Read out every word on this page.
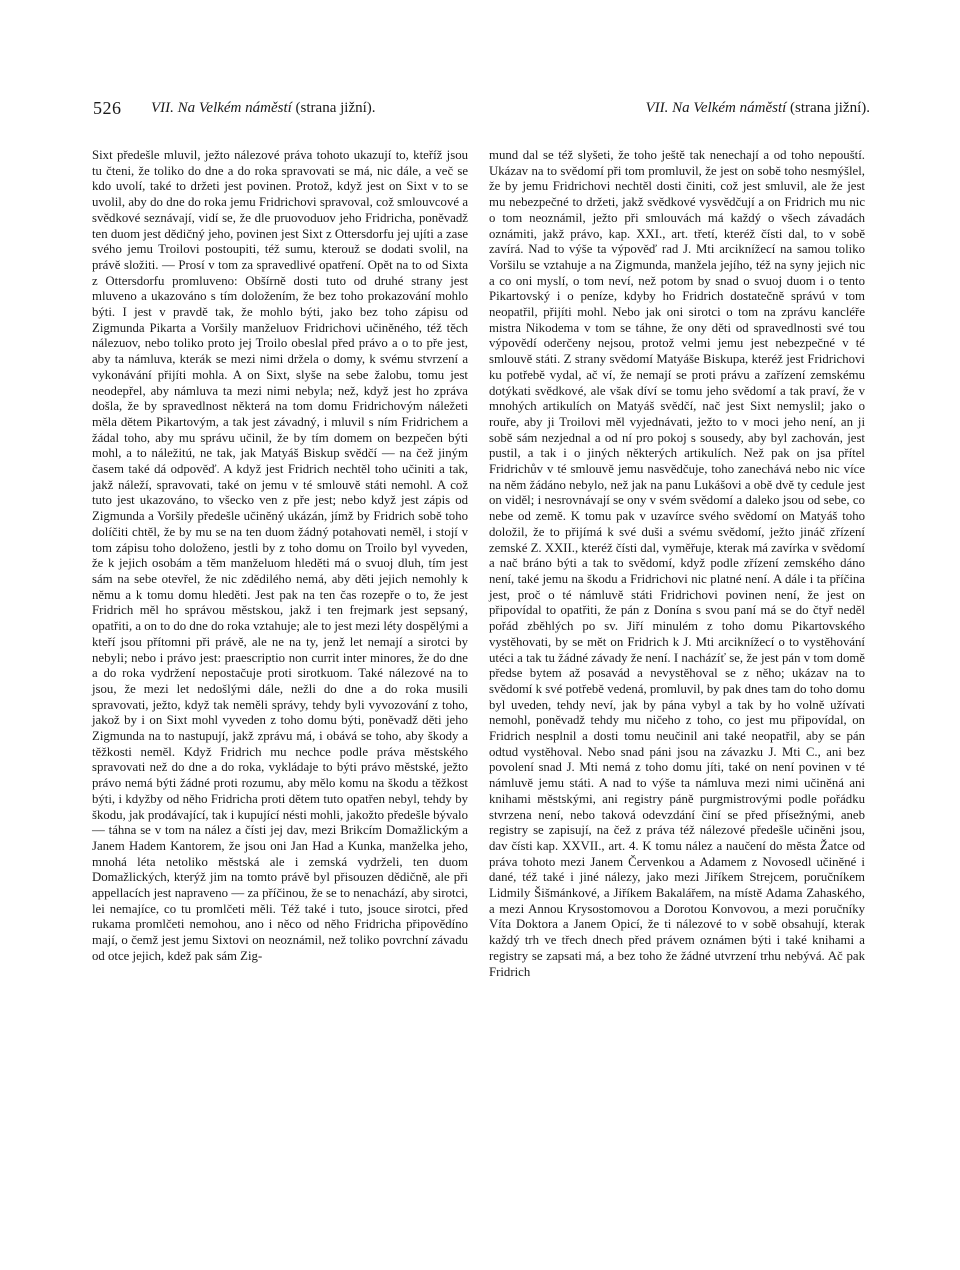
526 VII. Na Velkém náměstí (strana jižní).	VII. Na Velkém náměstí (strana jižní).

Sixt předešle mluvil, ježto nálezové práva tohoto ukazují to, kteříž jsou tu čteni, že toliko do dne a do roka spravovati se má, nic dále, a več se kdo uvolí, také to držeti jest povinen. Protož, když jest on Sixt v to se uvolil, aby do dne do roka jemu Fridrichovi spravoval, což smlouvcové a svědkové seznávají, vidí se, že dle pruovoduov jeho Fridricha, poněvadž ten duom jest dědičný jeho, povinen jest Sixt z Ottersdorfu jej ujíti a zase svého jemu Troilovi postoupiti, též sumu, kterouž se dodati svolil, na právě složiti. — Prosí v tom za spravedlivé opatření. Opět na to od Sixta z Ottersdorfu promluveno: Obšírně dosti tuto od druhé strany jest mluveno a ukazováno s tím doložením, že bez toho prokazování mohlo býti. I jest v pravdě tak, že mohlo býti, jako bez toho zápisu od Zigmunda Pikarta a Voršily manželuov Fridrichovi učiněného, též těch nálezuov, nebo toliko proto jej Troilo obeslal před právo a o to pře jest, aby ta námluva, kterák se mezi nimi držela o domy, k svému stvrzení a vykonávání přijíti mohla. A on Sixt, slyše na sebe žalobu, tomu jest neodepřel, aby námluva ta mezi nimi nebyla; než, když jest ho zpráva došla, že by spravedlnost některá na tom domu Fridrichovým náležeti měla dětem Pikartovým, a tak jest závadný, i mluvil s ním Fridrichem a žádal toho, aby mu správu učinil, že by tím domem on bezpečen býti mohl, a to náležitú, ne tak, jak Matyáš Biskup svědčí — na čež jiným časem také dá odpověď. A když jest Fridrich nechtěl toho učiniti a tak, jakž náleží, spravovati, také on jemu v té smlouvě státi nemohl. A což tuto jest ukazováno, to všecko ven z pře jest; nebo když jest zápis od Zigmunda a Voršily předešle učiněný ukázán, jímž by Fridrich sobě toho dolíčiti chtěl, že by mu se na ten duom žádný potahovati neměl, i stojí v tom zápisu toho doloženo, jestli by z toho domu on Troilo byl vyveden, že k jejich osobám a těm manželuom hleděti má o svuoj dluh, tím jest sám na sebe otevřel, že nic zdědilého nemá, aby děti jejich nemohly k němu a k tomu domu hleděti. Jest pak na ten čas rozepře o to, že jest Fridrich měl ho správou městskou, jakž i ten frejmark jest sepsaný, opatřiti, a on to do dne do roka vztahuje; ale to jest mezi léty dospělými a kteří jsou přítomni při právě, ale ne na ty, jenž let nemají a sirotci by nebyli; nebo i právo jest: praescriptio non currit inter minores, že do dne a do roka vydržení nepostačuje proti sirotkuom. Také nálezové na to jsou, že mezi let nedošlými dále, nežli do dne a do roka musili spravovati, ježto, když tak neměli správy, tehdy byli vyvozování z toho, jakož by i on Sixt mohl vyveden z toho domu býti, poněvadž děti jeho Zigmunda na to nastupují, jakž zprávu má, i obává se toho, aby škody a těžkosti neměl. Když Fridrich mu nechce podle práva městského spravovati než do dne a do roka, vykládaje to býti právo městské, ježto právo nemá býti žádné proti rozumu, aby mělo komu na škodu a těžkost býti, i kdyžby od něho Fridricha proti dětem tuto opatřen nebyl, tehdy by škodu, jak prodávající, tak i kupující nésti mohli, jakožto předešle bývalo — táhna se v tom na nález a čísti jej dav, mezi Brikcím Domažlickým a Janem Hadem Kantorem, že jsou oni Jan Had a Kunka, manželka jeho, mnohá léta netoliko městská ale i zemská vydrželi, ten duom Domažlických, kterýž jim na tomto právě byl přisouzen dědičně, ale při appellacích jest napraveno — za příčinou, že se to nenachází, aby sirotci, lei nemajíce, co tu promlčeti měli. Též také i tuto, jsouce sirotci, před rukama promlčeti nemohou, ano i něco od něho Fridricha připovědíno mají, o čemž jest jemu Sixtovi on neoznámil, než toliko povrchní závadu od otce jejich, kdež pak sám Zig-

mund dal se též slyšeti, že toho ještě tak nenechají a od toho nepouští. Ukázav na to svědomí při tom promluvil, že jest on sobě toho nesmýšlel, že by jemu Fridrichovi nechtěl dosti činiti, což jest smluvil, ale že jest mu nebezpečné to držeti, jakž svědkové vysvědčují a on Fridrich mu nic o tom neoznámil, ježto při smlouvách má každý o všech závadách oznámiti, jakž právo, kap. XXI., art. třetí, kteréž čísti dal, to v sobě zavírá. Nad to výše ta výpověď rad J. Mti arciknížecí na samou toliko Voršilu se vztahuje a na Zigmunda, manžela jejího, též na syny jejich nic a co oni myslí, o tom neví, než potom by snad o svuoj duom i o tento Pikartovský i o peníze, kdyby ho Fridrich dostatečně správú v tom neopatřil, přijíti mohl. Nebo jak oni sirotci o tom na zprávu kancléře mistra Nikodema v tom se táhne, že ony děti od spravedlnosti své tou výpovědí oderčeny nejsou, protož velmi jemu jest nebezpečné v té smlouvě státi. Z strany svědomí Matyáše Biskupa, kteréž jest Fridrichovi ku potřebě vydal, ač ví, že nemají se proti právu a zařízení zemskému dotýkati svědkové, ale však díví se tomu jeho svědomí a tak praví, že v mnohých artikulích on Matyáš svědčí, nač jest Sixt nemyslil; jako o rouře, aby ji Troilovi měl vyjednávati, ježto to v moci jeho není, an ji sobě sám nezjednal a od ní pro pokoj s sousedy, aby byl zachován, jest pustil, a tak i o jiných některých artikulích. Než pak on jsa přítel Fridrichův v té smlouvě jemu nasvědčuje, toho zanechává nebo nic více na něm žádáno nebylo, než jak na panu Lukášovi a obě dvě ty cedule jest on viděl; i nesrovnávají se ony v svém svědomí a daleko jsou od sebe, co nebe od země. K tomu pak v uzavírce svého svědomí on Matyáš toho doložil, že to přijímá k své duši a svému svědomí, ježto jináč zřízení zemské Z. XXII., kteréž čísti dal, vyměřuje, kterak má zavírka v svědomí a nač bráno býti a tak to svědomí, když podle zřízení zemského dáno není, také jemu na škodu a Fridrichovi nic platné není. A dále i ta příčina jest, proč o té námluvě státi Fridrichovi povinen není, že jest on připovídal to opatřiti, že pán z Donína s svou paní má se do čtyř neděl pořád zběhlých po sv. Jiří minulém z toho domu Pikartovského vystěhovati, by se mět on Fridrich k J. Mti arciknížecí o to vystěhování utéci a tak tu žádné závady že není. I nacházíť se, že jest pán v tom domě předse bytem až posavád a nevystěhoval se z něho; ukázav na to svědomí k své potřebě vedená, promluvil, by pak dnes tam do toho domu byl uveden, tehdy neví, jak by pána vybyl a tak by ho volně užívati nemohl, poněvadž tehdy mu ničeho z toho, co jest mu připovídal, on Fridrich nesplnil a dosti tomu neučinil ani také neopatřil, aby se pán odtud vystěhoval. Nebo snad páni jsou na závazku J. Mti C., ani bez povolení snad J. Mti nemá z toho domu jíti, také on není povinen v té námluvě jemu státi. A nad to výše ta námluva mezi nimi učiněná ani knihami městskými, ani registry páně purgmistrovými podle pořádku stvrzena není, nebo taková odevzdání činí se před přísežnými, aneb registry se zapisují, na čež z práva též nálezové předešle učiněni jsou, dav čísti kap. XXVII., art. 4. K tomu nález a naučení do města Žatce od práva tohoto mezi Janem Červenkou a Adamem z Novosedl učiněné i dané, též také i jiné nálezy, jako mezi Jiříkem Strejcem, poručníkem Lidmily Šišmánkové, a Jiříkem Bakalářem, na místě Adama Zahaského, a mezi Annou Krysostomovou a Dorotou Konvovou, a mezi poručníky Víta Doktora a Janem Opicí, že ti nálezové to v sobě obsahují, kterak každý trh ve třech dnech před právem oznámen býti i také knihami a registry se zapsati má, a bez toho že žádné utvrzení trhu nebývá. Ač pak Fridrich
